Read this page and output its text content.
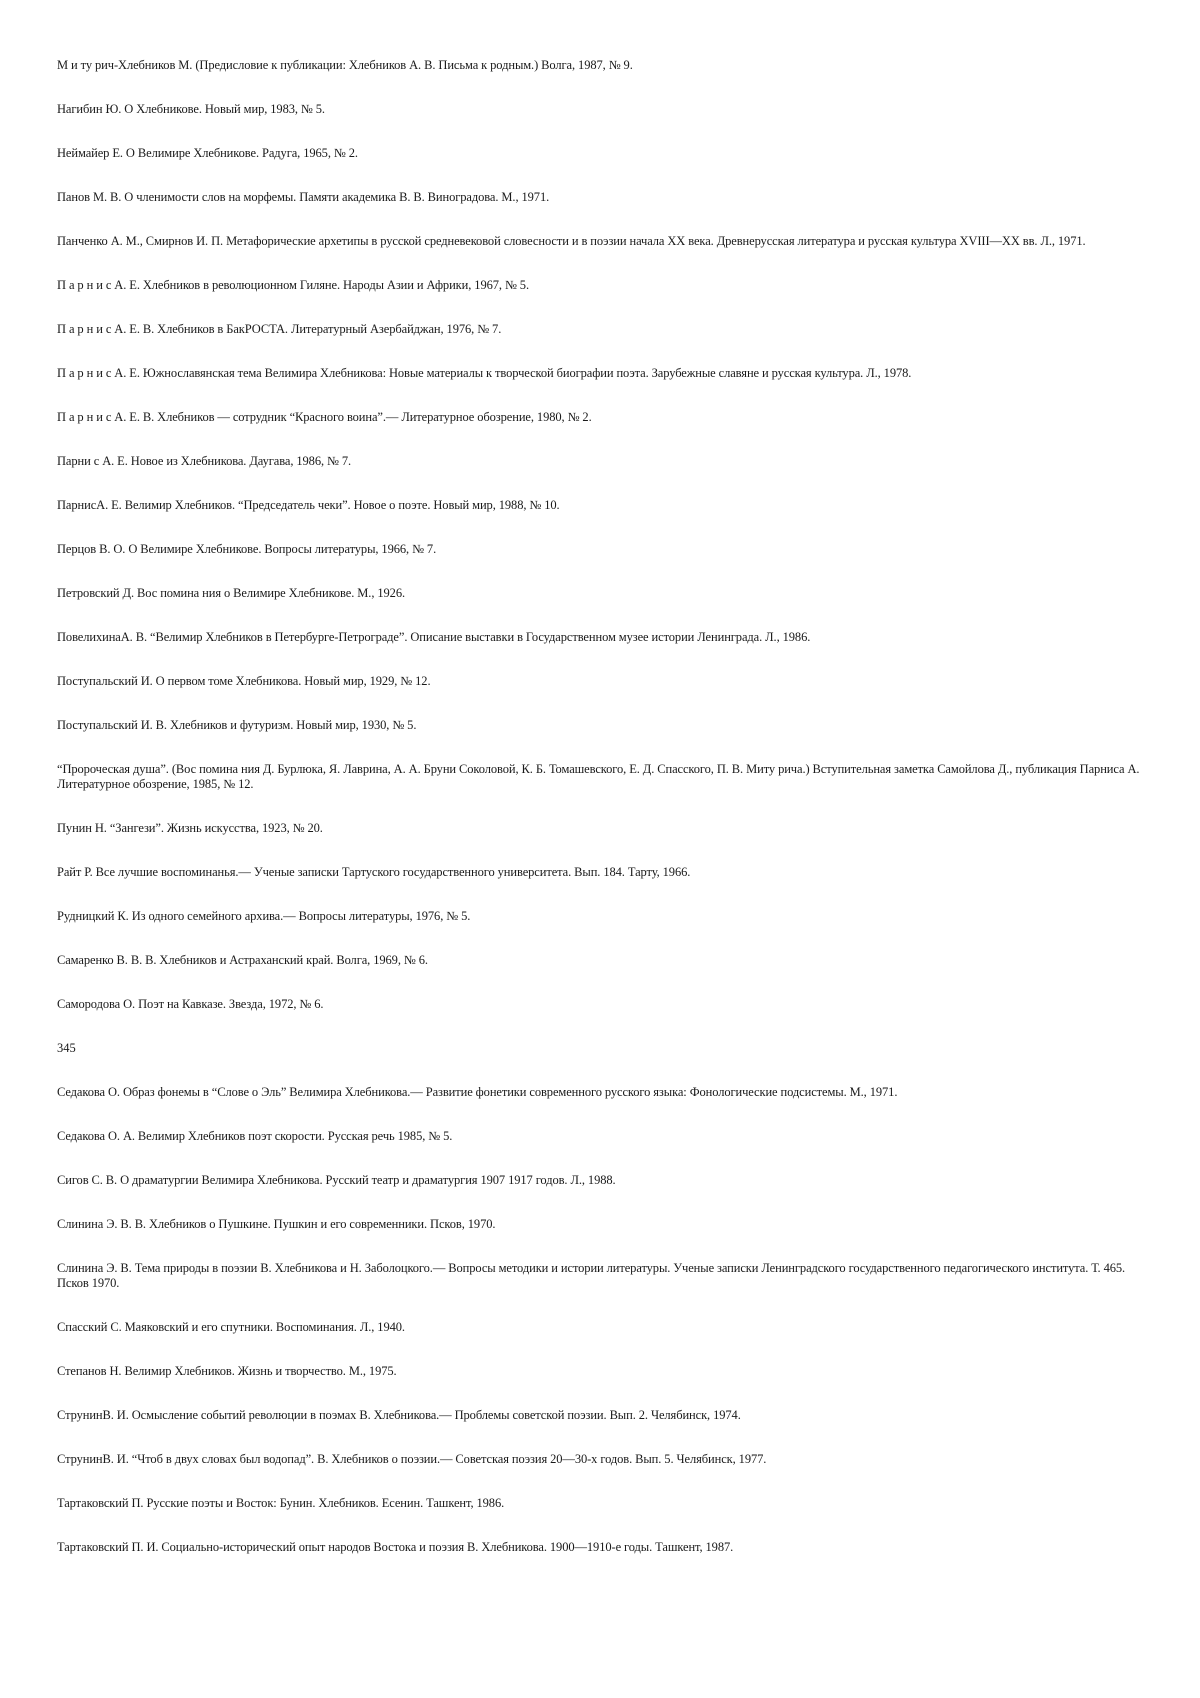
М и ту рич-Хлебников М. (Предисловие к публикации: Хлебников А. В. Письма к родным.) Волга, 1987, № 9.

Нагибин Ю. О Хлебникове. Новый мир, 1983, № 5.

Неймайер Е. О Велимире Хлебникове. Радуга, 1965, № 2.

Панов М. В. О членимости слов на морфемы. Памяти академика В. В. Виноградова. М., 1971.

Панченко А. М., Смирнов И. П. Метафорические архетипы в русской средневековой словесности и в поэзии начала XX века. Древнерусская литература и русская культура XVIII—XX вв. Л., 1971.

П а р н и с А. Е. Хлебников в революционном Гиляне. Народы Азии и Африки, 1967, № 5.

П а р н и с А. Е. В. Хлебников в БакРОСТА. Литературный Азербайджан, 1976, № 7.

П а р н и с А. Е. Южнославянская тема Велимира Хлебникова: Новые материалы к творческой биографии поэта. Зарубежные славяне и русская культура. Л., 1978.

П а р н и с А. Е. В. Хлебников — сотрудник “Красного воина”.— Литературное обозрение, 1980, № 2.

Парни с А. Е. Новое из Хлебникова. Даугава, 1986, № 7.

ПарнисА. Е. Велимир Хлебников. “Председатель чеки”. Новое о поэте. Новый мир, 1988, № 10.

Перцов В. О. О Велимире Хлебникове. Вопросы литературы, 1966, № 7.

Петровский Д. Вос помина ния о Велимире Хлебникове. М., 1926.

ПовелихинаА. В. “Велимир Хлебников в Петербурге-Петрограде”. Описание выставки в Государственном музее истории Ленинграда. Л., 1986.

Поступальский И. О первом томе Хлебникова. Новый мир, 1929, № 12.

Поступальский И. В. Хлебников и футуризм. Новый мир, 1930, № 5.

“Пророческая душа”. (Вос помина ния Д. Бурлюка, Я. Лаврина, А. А. Бруни Соколовой, К. Б. Томашевского, Е. Д. Спасского, П. В. Миту рича.) Вступительная заметка Самойлова Д., публикация Парниса А. Литературное обозрение, 1985, № 12.

Пунин Н. “Зангези”. Жизнь искусства, 1923, № 20.

Райт Р. Все лучшие воспоминанья.— Ученые записки Тартуского государственного университета. Вып. 184. Тарту, 1966.

Рудницкий К. Из одного семейного архива.— Вопросы литературы, 1976, № 5.

Самаренко В. В. В. Хлебников и Астраханский край. Волга, 1969, № 6.

Самородова О. Поэт на Кавказе. Звезда, 1972, № 6.

345

Седакова О. Образ фонемы в “Слове о Эль” Велимира Хлебникова.— Развитие фонетики современного русского языка: Фонологические подсистемы. М., 1971.

Седакова О. А. Велимир Хлебников поэт скорости. Русская речь 1985, № 5.

Сигов С. В. О драматургии Велимира Хлебникова. Русский театр и драматургия 1907 1917 годов. Л., 1988.

Слинина Э. В. В. Хлебников о Пушкине. Пушкин и его современники. Псков, 1970.

Слинина Э. В. Тема природы в поэзии В. Хлебникова и Н. Заболоцкого.— Вопросы методики и истории литературы. Ученые записки Ленинградского государственного педагогического института. Т. 465. Псков 1970.

Спасский С. Маяковский и его спутники. Воспоминания. Л., 1940.

Степанов Н. Велимир Хлебников. Жизнь и творчество. М., 1975.

СтрунинВ. И. Осмысление событий революции в поэмах В. Хлебникова.— Проблемы советской поэзии. Вып. 2. Челябинск, 1974.

СтрунинВ. И. “Чтоб в двух словах был водопад”. В. Хлебников о поэзии.— Советская поэзия 20—30-х годов. Вып. 5. Челябинск, 1977.

Тартаковский П. Русские поэты и Восток: Бунин. Хлебников. Есенин. Ташкент, 1986.

Тартаковский П. И. Социально-исторический опыт народов Востока и поэзия В. Хлебникова. 1900—1910-е годы. Ташкент, 1987.
